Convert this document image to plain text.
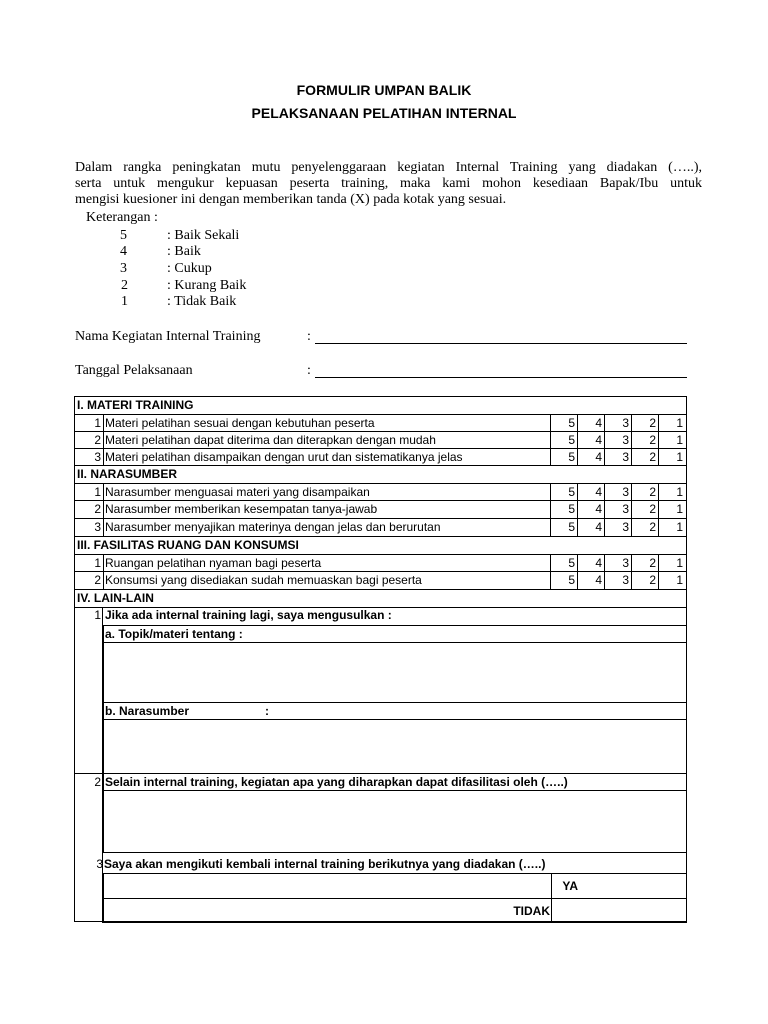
FORMULIR UMPAN BALIK
PELAKSANAAN PELATIHAN INTERNAL

Dalam rangka peningkatan mutu penyelenggaraan kegiatan Internal Training yang diadakan (…..),

serta untuk mengukur kepuasan peserta training, maka kami mohon kesediaan Bapak/Ibu untuk

mengisi kuesioner ini dengan memberikan tanda (X) pada kotak yang sesuai.

Keterangan :
5	: Baik Sekali
4	: Baik
3	: Cukup
2	: Kurang Baik
1	: Tidak Baik
Nama Kegiatan Internal Training	:
Tanggal Pelaksanaan	:
I. MATERI TRAINING
1 Materi pelatihan sesuai dengan kebutuhan peserta	5	4	3	2	1
2 Materi pelatihan dapat diterima dan diterapkan dengan mudah	5	4	3	2	1
3 Materi pelatihan disampaikan dengan urut dan sistematikanya jelas	5	4	3	2	1
II. NARASUMBER
1 Narasumber menguasai materi yang disampaikan	5	4	3	2	1
2 Narasumber memberikan kesempatan tanya-jawab	5	4	3	2	1
3 Narasumber menyajikan materinya dengan jelas dan berurutan	5	4	3	2	1
III. FASILITAS RUANG DAN KONSUMSI
1 Ruangan pelatihan nyaman bagi peserta	5	4	3	2	1
2 Konsumsi yang disediakan sudah memuaskan bagi peserta	5	4	3	2	1
IV. LAIN-LAIN
1 Jika ada internal training lagi, saya mengusulkan :
a. Topik/materi tentang :
b. Narasumber	:
2 Selain internal training, kegiatan apa yang diharapkan dapat difasilitasi oleh (…..)
3 Saya akan mengikuti kembali internal training berikutnya yang diadakan (…..)
YA
TIDAK
